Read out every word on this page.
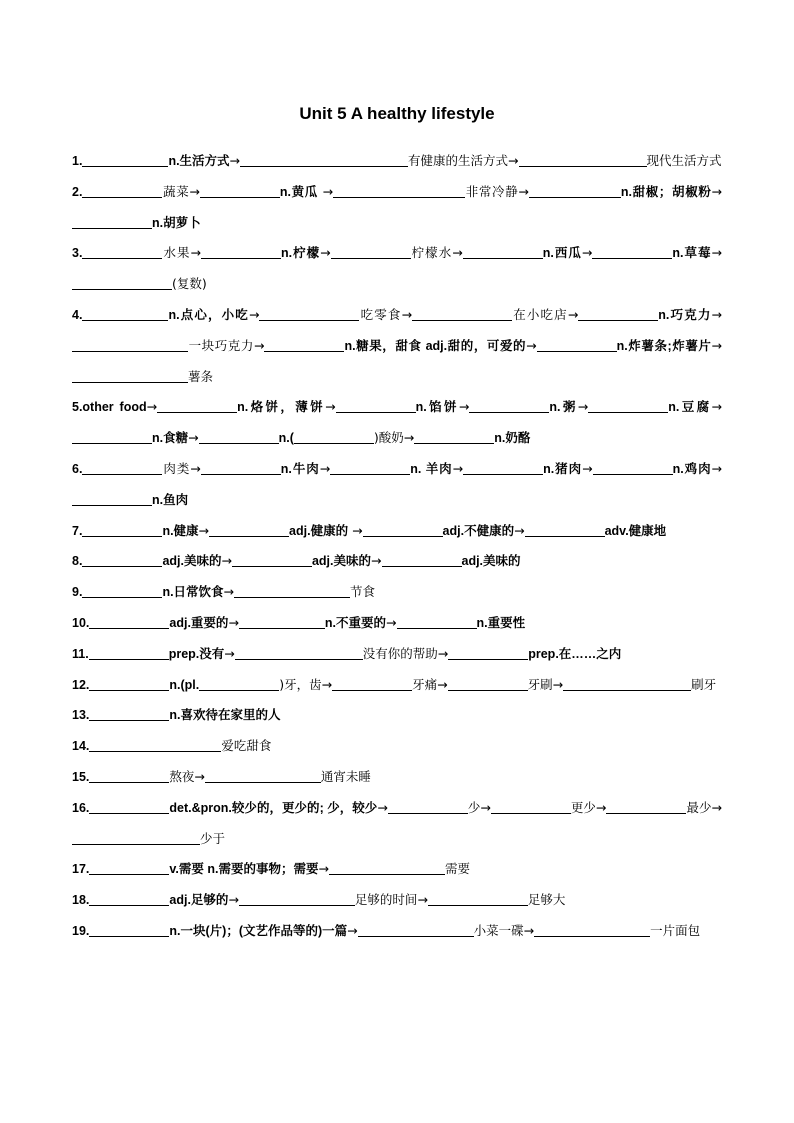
Unit 5 A healthy lifestyle

1.	n.生活方式→	有健康的生活方式→	现代生活方式

2.	蔬菜→	n.黄瓜 →	非常冷静→	n.甜椒；胡椒粉→n.胡萝卜

3.	水果→	n.柠檬→	柠檬水→	n.西瓜→	n.草莓→(复数)

4.	n.点心，小吃→	吃零食→	在小吃店→	n.巧克力→一块巧克力→	n.糖果，甜食 adj.甜的，可爱的→	n.炸薯条;炸薯片→薯条

5.other food→	n.烙饼，薄饼→	n.馅饼→	n.粥→	n.豆腐→n.食糖→	n.(	)酸奶→	n.奶酪

6.	肉类→	n.牛肉→	n. 羊肉→	n.猪肉→	n.鸡肉→n.鱼肉

7.	n.健康→	adj.健康的 →	adj.不健康的→	adv.健康地

8.	adj.美味的→	adj.美味的→	adj.美味的

9.	n.日常饮食→	节食

10.	adj.重要的→	n.不重要的→	n.重要性

11.	prep.没有→	没有你的帮助→	prep.在……之内

12.	n.(pl.	)牙，齿→	牙痛→	牙刷→	刷牙

13.	n.喜欢待在家里的人

14.	爱吃甜食

15.	熬夜→	通宵未睡

16.	det.&pron.较少的，更少的; 少，较少→	少→	更少→	最少→少于

17.	v.需要 n.需要的事物；需要→	需要

18.	adj.足够的→	足够的时间→	足够大

19.	n.一块(片)；(文艺作品等的)一篇→	小菜一碟→	一片面包
